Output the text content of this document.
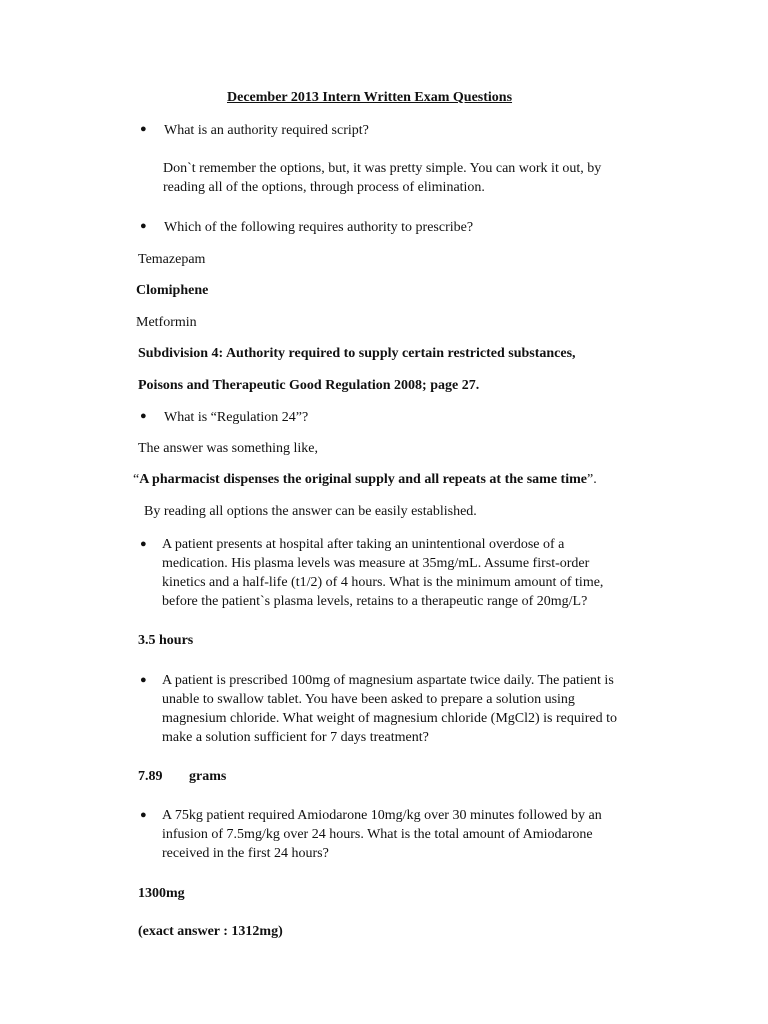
December 2013 Intern Written Exam Questions
● What is an authority required script?
Don`t remember the options, but, it was pretty simple. You can work it out, by
reading all of the options, through process of elimination.
● Which of the following requires authority to prescribe?
Temazepam
Clomiphene
Metformin
Subdivision 4: Authority required to supply certain restricted substances,
Poisons and Therapeutic Good Regulation 2008; page 27.
● What is “Regulation 24”?
The answer was something like,
“A pharmacist dispenses the original supply and all repeats at the same time”.
By reading all options the answer can be easily established.
● A patient presents at hospital after taking an unintentional overdose of a
medication. His plasma levels was measure at 35mg/mL. Assume first-order
kinetics and a half-life (t1/2) of 4 hours. What is the minimum amount of time,
before the patient`s plasma levels, retains to a therapeutic range of 20mg/L?
3.5 hours
● A patient is prescribed 100mg of magnesium aspartate twice daily. The patient is
unable to swallow tablet. You have been asked to prepare a solution using
magnesium chloride. What weight of magnesium chloride (MgCl2) is required to
make a solution sufficient for 7 days treatment?
7.89 grams
● A 75kg patient required Amiodarone 10mg/kg over 30 minutes followed by an
infusion of 7.5mg/kg over 24 hours. What is the total amount of Amiodarone
received in the first 24 hours?
1300mg
(exact answer : 1312mg)
